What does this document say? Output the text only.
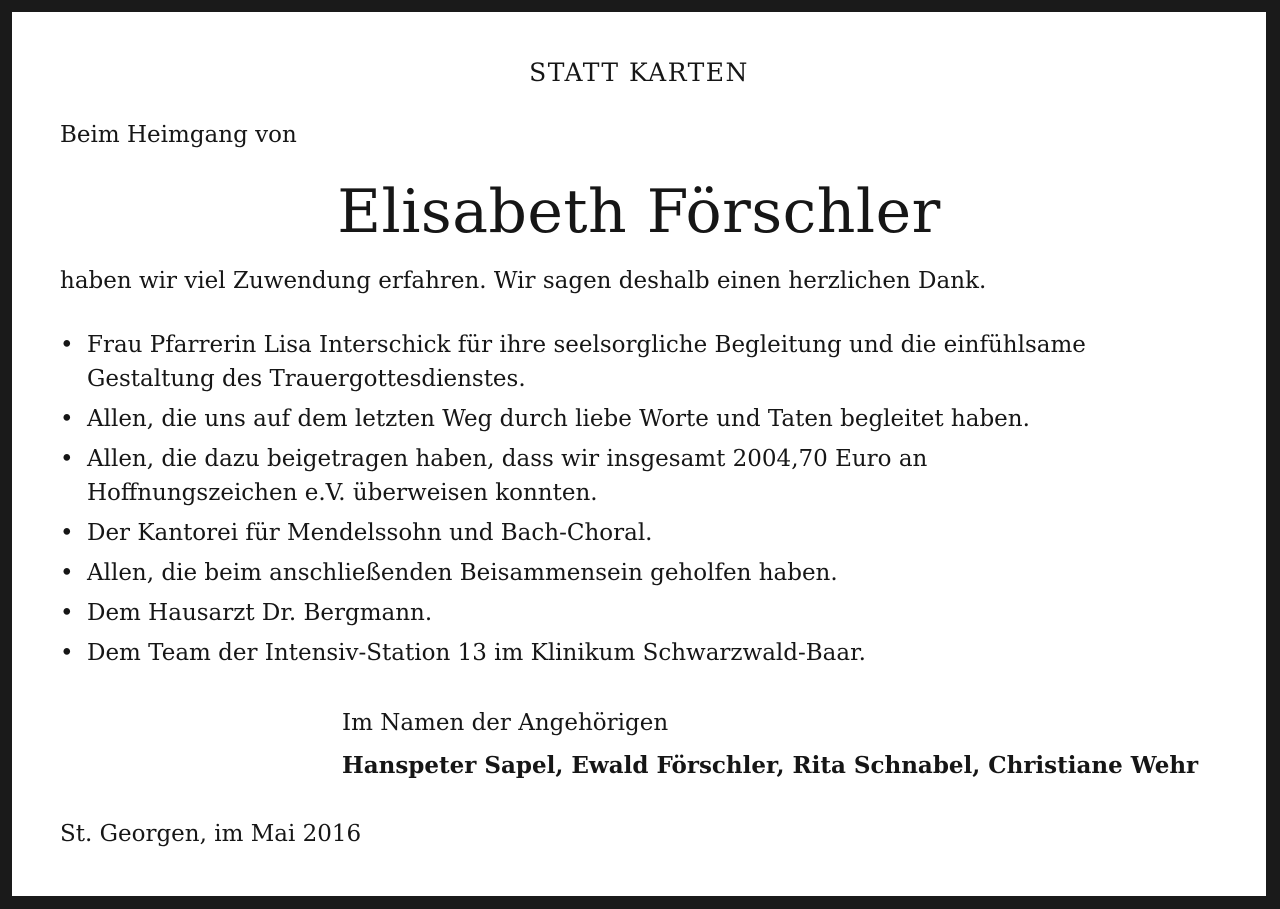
STATT KARTEN
Beim Heimgang von
Elisabeth Förschler
haben wir viel Zuwendung erfahren. Wir sagen deshalb einen herzlichen Dank.
• Frau Pfarrerin Lisa Interschick für ihre seelsorgliche Begleitung und die einfühlsame
Gestaltung des Trauergottesdienstes.
• Allen, die uns auf dem letzten Weg durch liebe Worte und Taten begleitet haben.
• Allen, die dazu beigetragen haben, dass wir insgesamt 2004,70 Euro an
Hoffnungszeichen e.V. überweisen konnten.
• Der Kantorei für Mendelssohn und Bach-Choral.
• Allen, die beim anschließenden Beisammensein geholfen haben.
• Dem Hausarzt Dr. Bergmann.
• Dem Team der Intensiv-Station 13 im Klinikum Schwarzwald-Baar.
Im Namen der Angehörigen
Hanspeter Sapel, Ewald Förschler, Rita Schnabel, Christiane Wehr
St. Georgen, im Mai 2016
